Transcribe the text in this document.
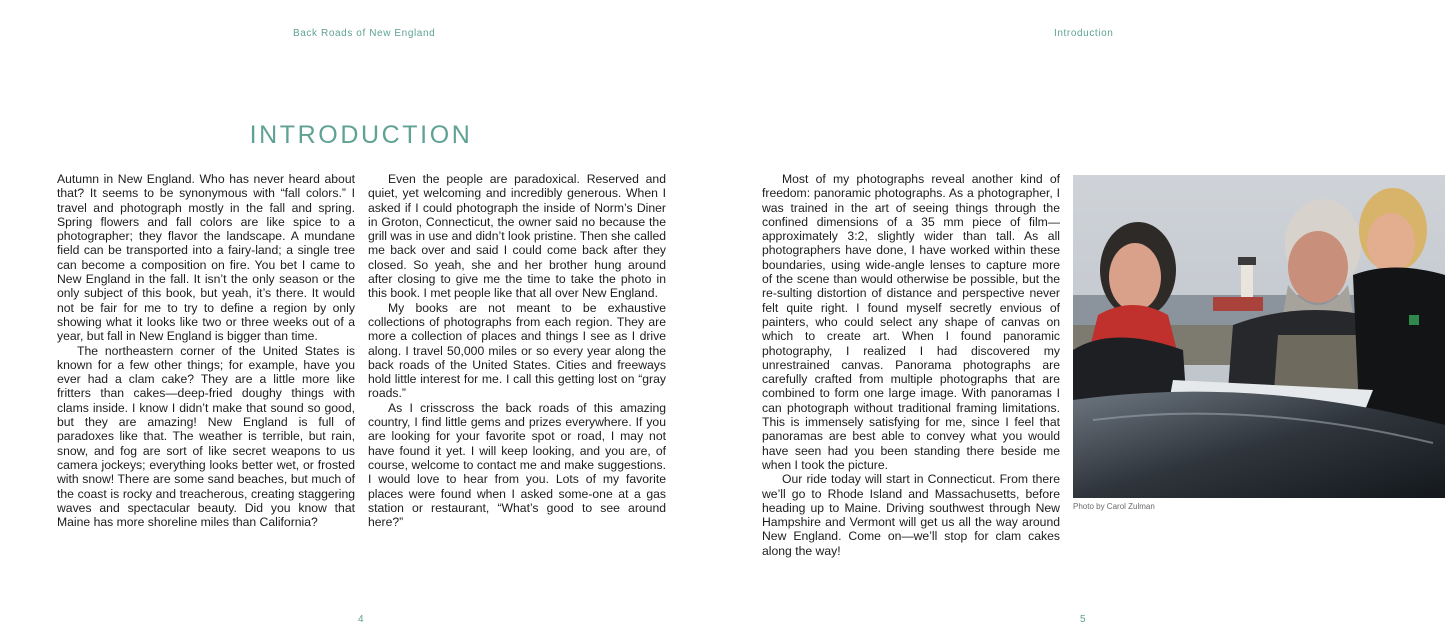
Back Roads of New England
INTRODUCTION

Autumn in New England. Who has never heard about that? It seems to be synonymous with “fall colors.” I travel and photograph mostly in the fall and spring. Spring flowers and fall colors are like spice to a photographer; they flavor the landscape. A mundane field can be transported into a fairy-land; a single tree can become a composition on fire. You bet I came to New England in the fall. It isn’t the only season or the only subject of this book, but yeah, it’s there. It would not be fair for me to try to define a region by only showing what it looks like two or three weeks out of a year, but fall in New England is bigger than time.

The northeastern corner of the United States is known for a few other things; for example, have you ever had a clam cake? They are a little more like fritters than cakes—deep-fried doughy things with clams inside. I know I didn’t make that sound so good, but they are amazing! New England is full of paradoxes like that. The weather is terrible, but rain, snow, and fog are sort of like secret weapons to us camera jockeys; everything looks better wet, or frosted with snow! There are some sand beaches, but much of the coast is rocky and treacherous, creating staggering waves and spectacular beauty. Did you know that Maine has more shoreline miles than California?

Even the people are paradoxical. Reserved and quiet, yet welcoming and incredibly generous. When I asked if I could photograph the inside of Norm’s Diner in Groton, Connecticut, the owner said no because the grill was in use and didn’t look pristine. Then she called me back over and said I could come back after they closed. So yeah, she and her brother hung around after closing to give me the time to take the photo in this book. I met people like that all over New England.

My books are not meant to be exhaustive collections of photographs from each region. They are more a collection of places and things I see as I drive along. I travel 50,000 miles or so every year along the back roads of the United States. Cities and freeways hold little interest for me. I call this getting lost on “gray roads.”

As I crisscross the back roads of this amazing country, I find little gems and prizes everywhere. If you are looking for your favorite spot or road, I may not have found it yet. I will keep looking, and you are, of course, welcome to contact me and make suggestions. I would love to hear from you. Lots of my favorite places were found when I asked some-one at a gas station or restaurant, “What’s good to see around here?”

4
Introduction

Most of my photographs reveal another kind of freedom: panoramic photographs. As a photographer, I was trained in the art of seeing things through the confined dimensions of a 35 mm piece of film—approximately 3:2, slightly wider than tall. As all photographers have done, I have worked within these boundaries, using wide-angle lenses to capture more of the scene than would otherwise be possible, but the re-sulting distortion of distance and perspective never felt quite right. I found myself secretly envious of painters, who could select any shape of canvas on which to create art. When I found panoramic photography, I realized I had discovered my unrestrained canvas. Panorama photographs are carefully crafted from multiple photographs that are combined to form one large image. With panoramas I can photograph without traditional framing limitations. This is immensely satisfying for me, since I feel that panoramas are best able to convey what you would have seen had you been standing there beside me when I took the picture.

Our ride today will start in Connecticut. From there we’ll go to Rhode Island and Massachusetts, before heading up to Maine. Driving southwest through New Hampshire and Vermont will get us all the way around New England. Come on—we’ll stop for clam cakes along the way!

Photo by Carol Zulman
5
